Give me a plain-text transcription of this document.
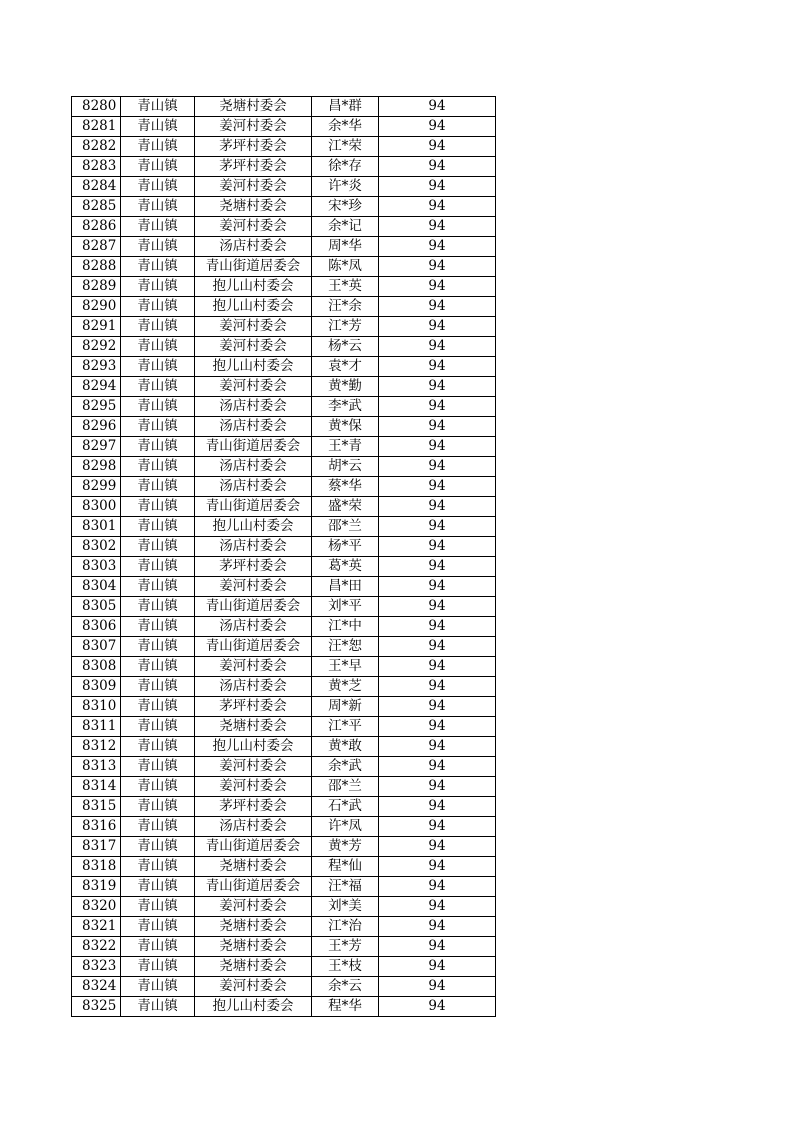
8280	青山镇	尧塘村委会	昌*群	94
8281	青山镇	姜河村委会	余*华	94
8282	青山镇	茅坪村委会	江*荣	94
8283	青山镇	茅坪村委会	徐*存	94
8284	青山镇	姜河村委会	许*炎	94
8285	青山镇	尧塘村委会	宋*珍	94
8286	青山镇	姜河村委会	余*记	94
8287	青山镇	汤店村委会	周*华	94
8288	青山镇	青山街道居委会	陈*凤	94
8289	青山镇	抱儿山村委会	王*英	94
8290	青山镇	抱儿山村委会	汪*余	94
8291	青山镇	姜河村委会	江*芳	94
8292	青山镇	姜河村委会	杨*云	94
8293	青山镇	抱儿山村委会	袁*才	94
8294	青山镇	姜河村委会	黄*勤	94
8295	青山镇	汤店村委会	李*武	94
8296	青山镇	汤店村委会	黄*保	94
8297	青山镇	青山街道居委会	王*青	94
8298	青山镇	汤店村委会	胡*云	94
8299	青山镇	汤店村委会	蔡*华	94
8300	青山镇	青山街道居委会	盛*荣	94
8301	青山镇	抱儿山村委会	邵*兰	94
8302	青山镇	汤店村委会	杨*平	94
8303	青山镇	茅坪村委会	葛*英	94
8304	青山镇	姜河村委会	昌*田	94
8305	青山镇	青山街道居委会	刘*平	94
8306	青山镇	汤店村委会	江*中	94
8307	青山镇	青山街道居委会	汪*恕	94
8308	青山镇	姜河村委会	王*早	94
8309	青山镇	汤店村委会	黄*芝	94
8310	青山镇	茅坪村委会	周*新	94
8311	青山镇	尧塘村委会	江*平	94
8312	青山镇	抱儿山村委会	黄*敢	94
8313	青山镇	姜河村委会	余*武	94
8314	青山镇	姜河村委会	邵*兰	94
8315	青山镇	茅坪村委会	石*武	94
8316	青山镇	汤店村委会	许*凤	94
8317	青山镇	青山街道居委会	黄*芳	94
8318	青山镇	尧塘村委会	程*仙	94
8319	青山镇	青山街道居委会	汪*福	94
8320	青山镇	姜河村委会	刘*美	94
8321	青山镇	尧塘村委会	江*治	94
8322	青山镇	尧塘村委会	王*芳	94
8323	青山镇	尧塘村委会	王*枝	94
8324	青山镇	姜河村委会	余*云	94
8325	青山镇	抱儿山村委会	程*华	94
